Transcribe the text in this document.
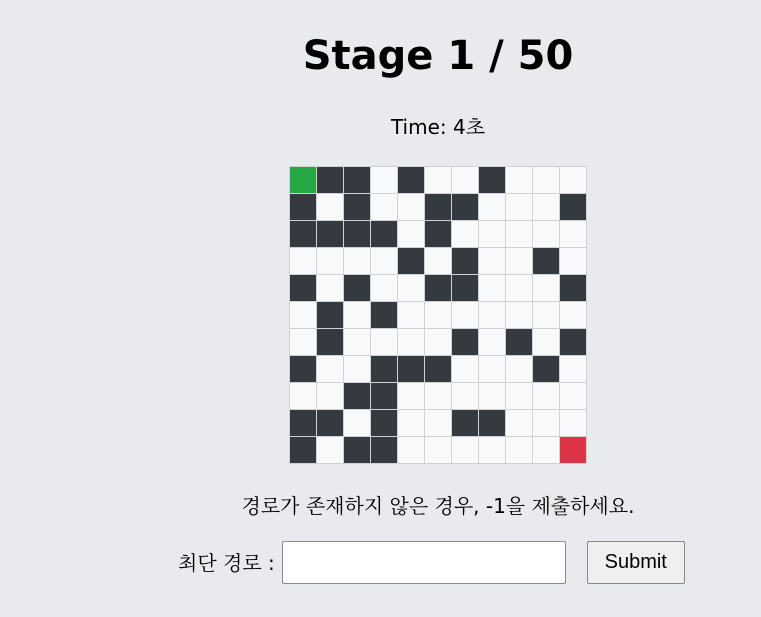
Stage 1 / 50
Time: 4초
경로가 존재하지 않은 경우, -1을 제출하세요.
최단 경로 :	Submit
